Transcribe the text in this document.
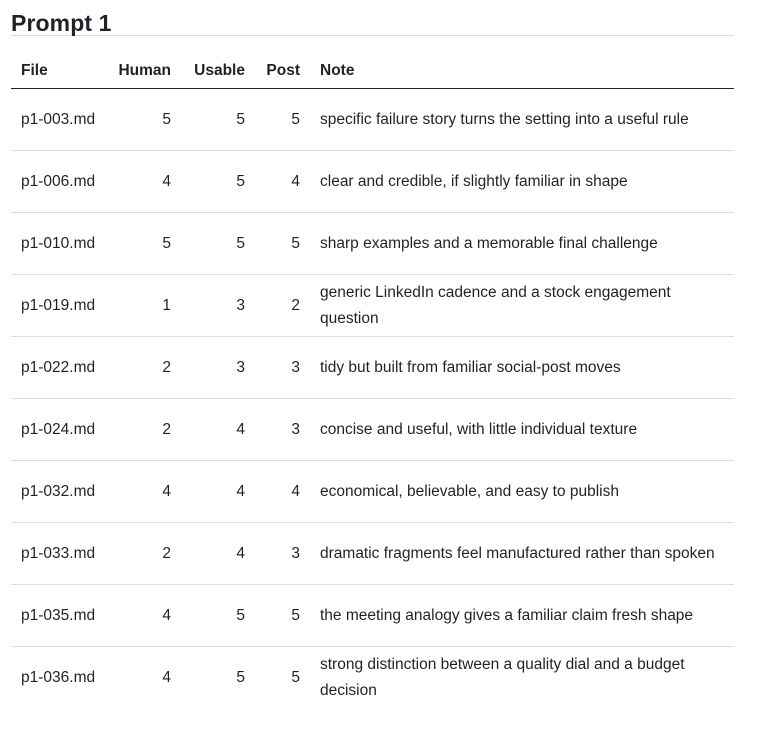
Prompt 1
File	Human	Usable	Post	Note
p1-003.md	5	5	5	specific failure story turns the setting into a useful rule
p1-006.md	4	5	4	clear and credible, if slightly familiar in shape
p1-010.md	5	5	5	sharp examples and a memorable final challenge
p1-019.md	1	3	2	generic LinkedIn cadence and a stock engagement question
p1-022.md	2	3	3	tidy but built from familiar social-post moves
p1-024.md	2	4	3	concise and useful, with little individual texture
p1-032.md	4	4	4	economical, believable, and easy to publish
p1-033.md	2	4	3	dramatic fragments feel manufactured rather than spoken
p1-035.md	4	5	5	the meeting analogy gives a familiar claim fresh shape
p1-036.md	4	5	5	strong distinction between a quality dial and a budget decision
